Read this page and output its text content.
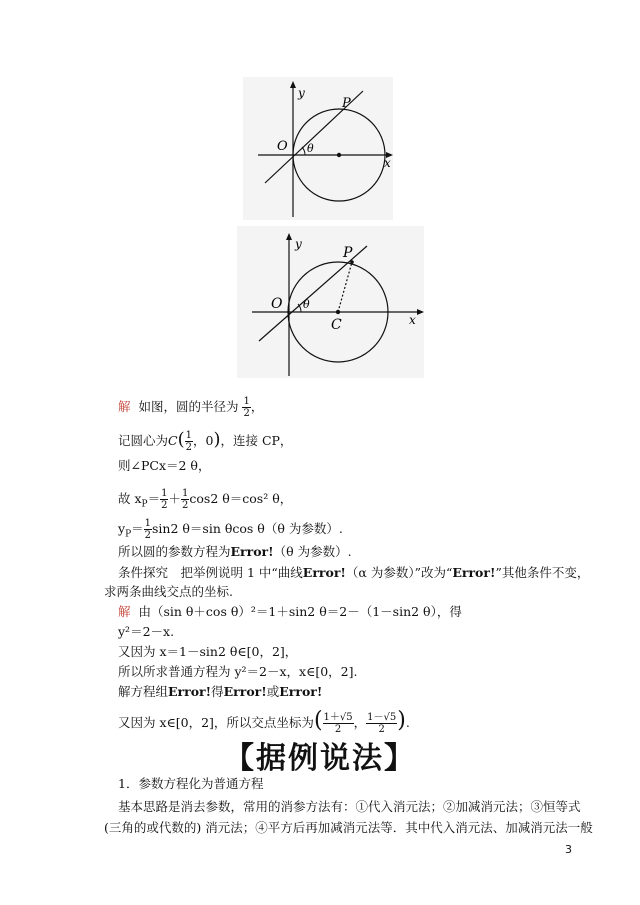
y
x
O
P
θ
y
x
O
P
C
θ
解 如图，圆的半径为 $\frac{1}{2}$ ，
记圆心为$C( \frac{1}{2}$ ，0)，连接 CP，
则∠PCx＝2 θ，
故 $x_P= \frac{1}{2} + \frac{1}{2} \cos 2$ θ＝cos² θ，
$y_P= \frac{1}{2} \sin 2$ θ＝sin θcos θ（θ 为参数）.
所以圆的参数方程为Error!（θ 为参数）.
条件探究　把举例说明 1 中“曲线Error!（α 为参数）”改为“Error!”其他条件不变，
求两条曲线交点的坐标.
解 由（sin θ＋cos θ）²＝1＋sin2 θ＝2－（1－sin2 θ），得
y²＝2－x.
又因为 x＝1－sin2 θ∈[0，2]，
所以所求普通方程为 y²＝2－x，x∈[0，2].
解方程组Error!得Error!或Error!
又因为 x∈[0，2]，所以交点坐标为( $\frac{1+√5}{2}$ ， $\frac{1-√5}{2}$ ).
【据例说法】
1．参数方程化为普通方程
基本思路是消去参数，常用的消参方法有：①代入消元法；②加减消元法；③恒等式
(三角的或代数的) 消元法；④平方后再加减消元法等．其中代入消元法、加减消元法一般
3
